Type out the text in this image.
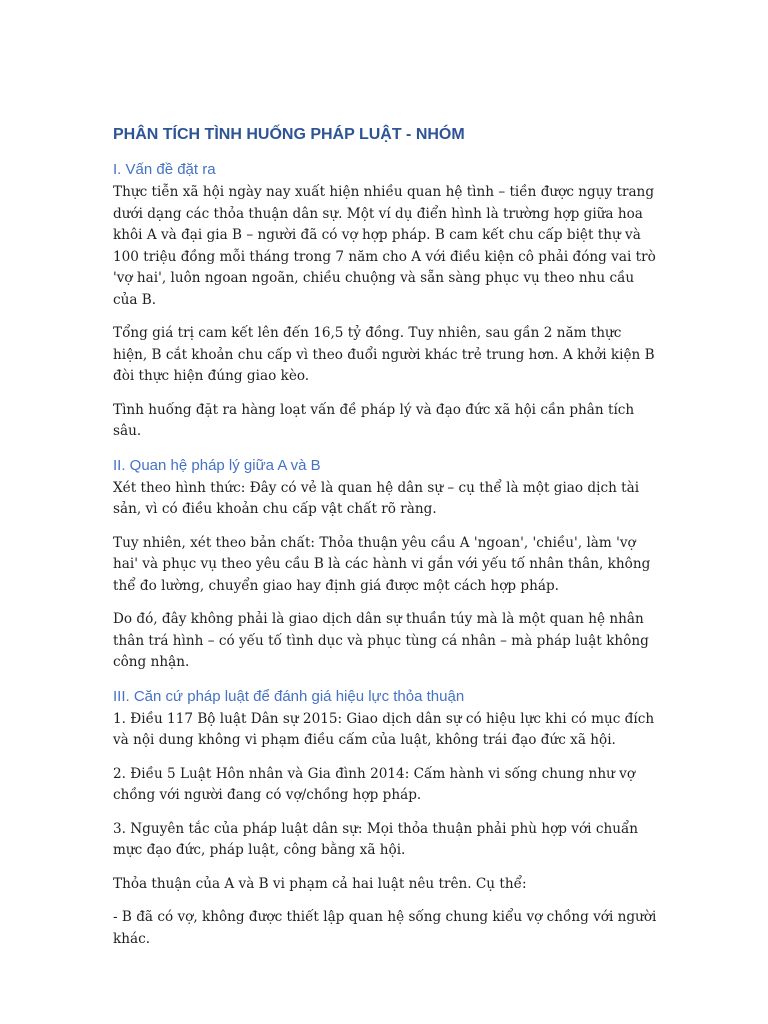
PHÂN TÍCH TÌNH HUỐNG PHÁP LUẬT - NHÓM
I. Vấn đề đặt ra

Thực tiễn xã hội ngày nay xuất hiện nhiều quan hệ tình – tiền được ngụy trang dưới dạng các thỏa thuận dân sự. Một ví dụ điển hình là trường hợp giữa hoa khôi A và đại gia B – người đã có vợ hợp pháp. B cam kết chu cấp biệt thự và 100 triệu đồng mỗi tháng trong 7 năm cho A với điều kiện cô phải đóng vai trò 'vợ hai', luôn ngoan ngoãn, chiều chuộng và sẵn sàng phục vụ theo nhu cầu của B.

Tổng giá trị cam kết lên đến 16,5 tỷ đồng. Tuy nhiên, sau gần 2 năm thực hiện, B cắt khoản chu cấp vì theo đuổi người khác trẻ trung hơn. A khởi kiện B đòi thực hiện đúng giao kèo.

Tình huống đặt ra hàng loạt vấn đề pháp lý và đạo đức xã hội cần phân tích sâu.

II. Quan hệ pháp lý giữa A và B

Xét theo hình thức: Đây có vẻ là quan hệ dân sự – cụ thể là một giao dịch tài sản, vì có điều khoản chu cấp vật chất rõ ràng.

Tuy nhiên, xét theo bản chất: Thỏa thuận yêu cầu A 'ngoan', 'chiều', làm 'vợ hai' và phục vụ theo yêu cầu B là các hành vi gắn với yếu tố nhân thân, không thể đo lường, chuyển giao hay định giá được một cách hợp pháp.

Do đó, đây không phải là giao dịch dân sự thuần túy mà là một quan hệ nhân thân trá hình – có yếu tố tình dục và phục tùng cá nhân – mà pháp luật không công nhận.

III. Căn cứ pháp luật để đánh giá hiệu lực thỏa thuận

1. Điều 117 Bộ luật Dân sự 2015: Giao dịch dân sự có hiệu lực khi có mục đích và nội dung không vi phạm điều cấm của luật, không trái đạo đức xã hội.

2. Điều 5 Luật Hôn nhân và Gia đình 2014: Cấm hành vi sống chung như vợ chồng với người đang có vợ/chồng hợp pháp.

3. Nguyên tắc của pháp luật dân sự: Mọi thỏa thuận phải phù hợp với chuẩn mực đạo đức, pháp luật, công bằng xã hội.

Thỏa thuận của A và B vi phạm cả hai luật nêu trên. Cụ thể:

- B đã có vợ, không được thiết lập quan hệ sống chung kiểu vợ chồng với người khác.
